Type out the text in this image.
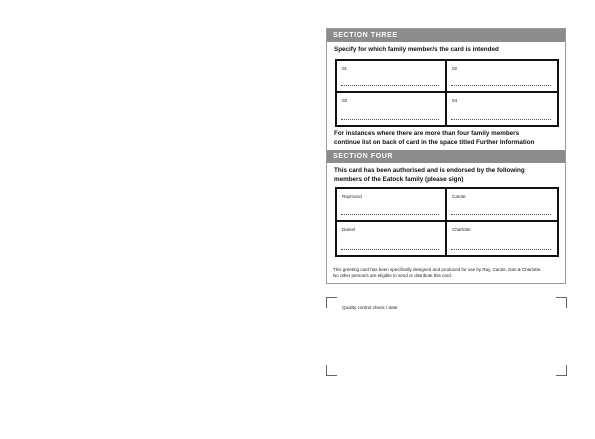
SECTION THREE
Specify for which family member/s the card is intended
01	02
03	04
For instances where there are more than four family members
continue list on back of card in the space titled Further Information
SECTION FOUR
This card has been authorised and is endorsed by the following
members of the Eatock family (please sign)
Raymond	Carole
Daniel	Charlotte
This greeting card has been specifically designed and produced for use by Ray, Carole, Dan & Charlotte.
No other person/s are eligible to send or distribute this card.
Quality control check / date
